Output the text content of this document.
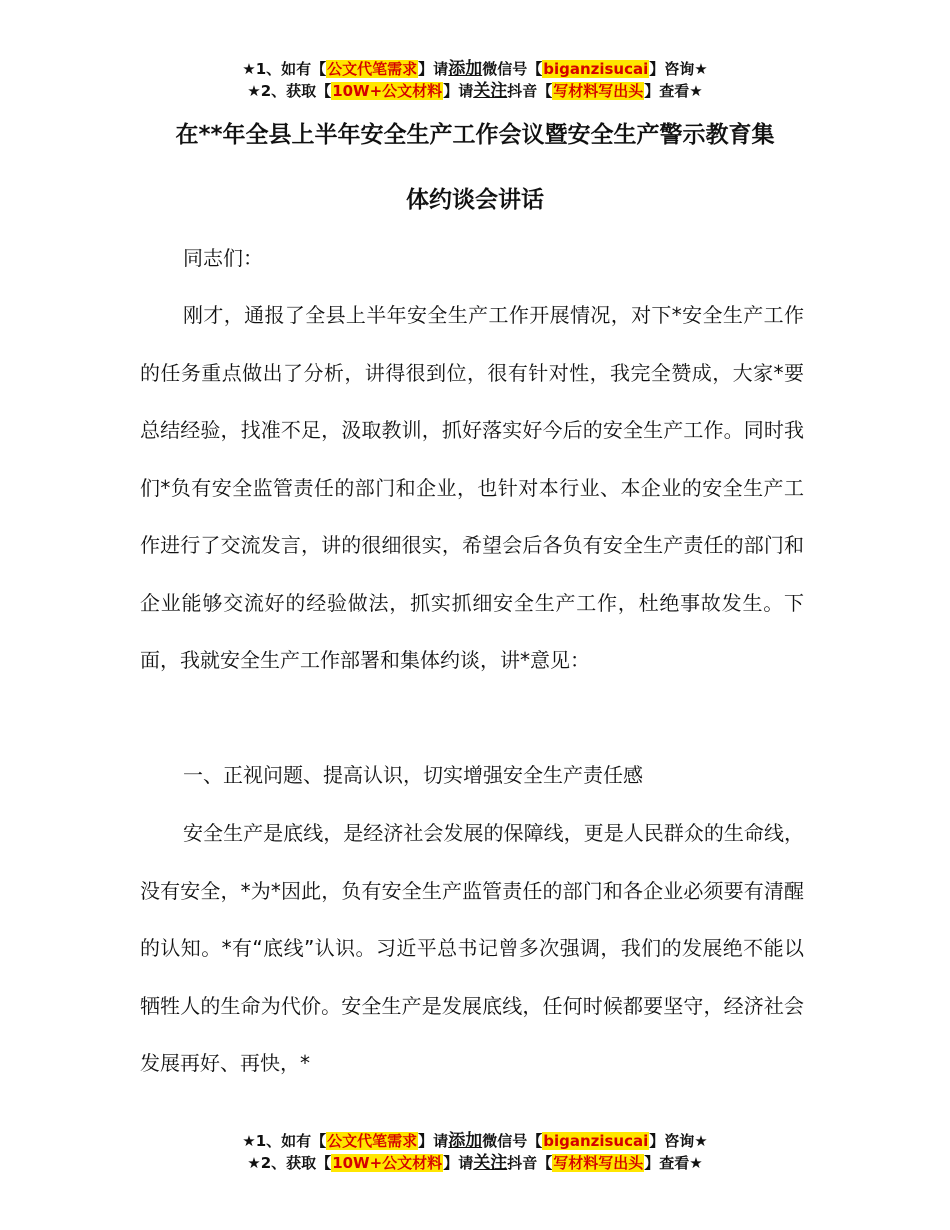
★1、如有【公文代笔需求】请添加微信号【biganzisucai】咨询★
★2、获取【10W+公文材料】请关注抖音【写材料写出头】查看★
在**年全县上半年安全生产工作会议暨安全生产警示教育集
体约谈会讲话

同志们：

刚才，通报了全县上半年安全生产工作开展情况，对下*安全生产工作的任务重点做出了分析，讲得很到位，很有针对性，我完全赞成，大家*要总结经验，找准不足，汲取教训，抓好落实好今后的安全生产工作。同时我们*负有安全监管责任的部门和企业，也针对本行业、本企业的安全生产工作进行了交流发言，讲的很细很实，希望会后各负有安全生产责任的部门和企业能够交流好的经验做法，抓实抓细安全生产工作，杜绝事故发生。下面，我就安全生产工作部署和集体约谈，讲*意见：

一、正视问题、提高认识，切实增强安全生产责任感

安全生产是底线，是经济社会发展的保障线，更是人民群众的生命线，没有安全，*为*因此，负有安全生产监管责任的部门和各企业必须要有清醒的认知。*有“底线”认识。习近平总书记曾多次强调，我们的发展绝不能以牺牲人的生命为代价。安全生产是发展底线，任何时候都要坚守，经济社会发展再好、再快，*

★1、如有【公文代笔需求】请添加微信号【biganzisucai】咨询★
★2、获取【10W+公文材料】请关注抖音【写材料写出头】查看★
